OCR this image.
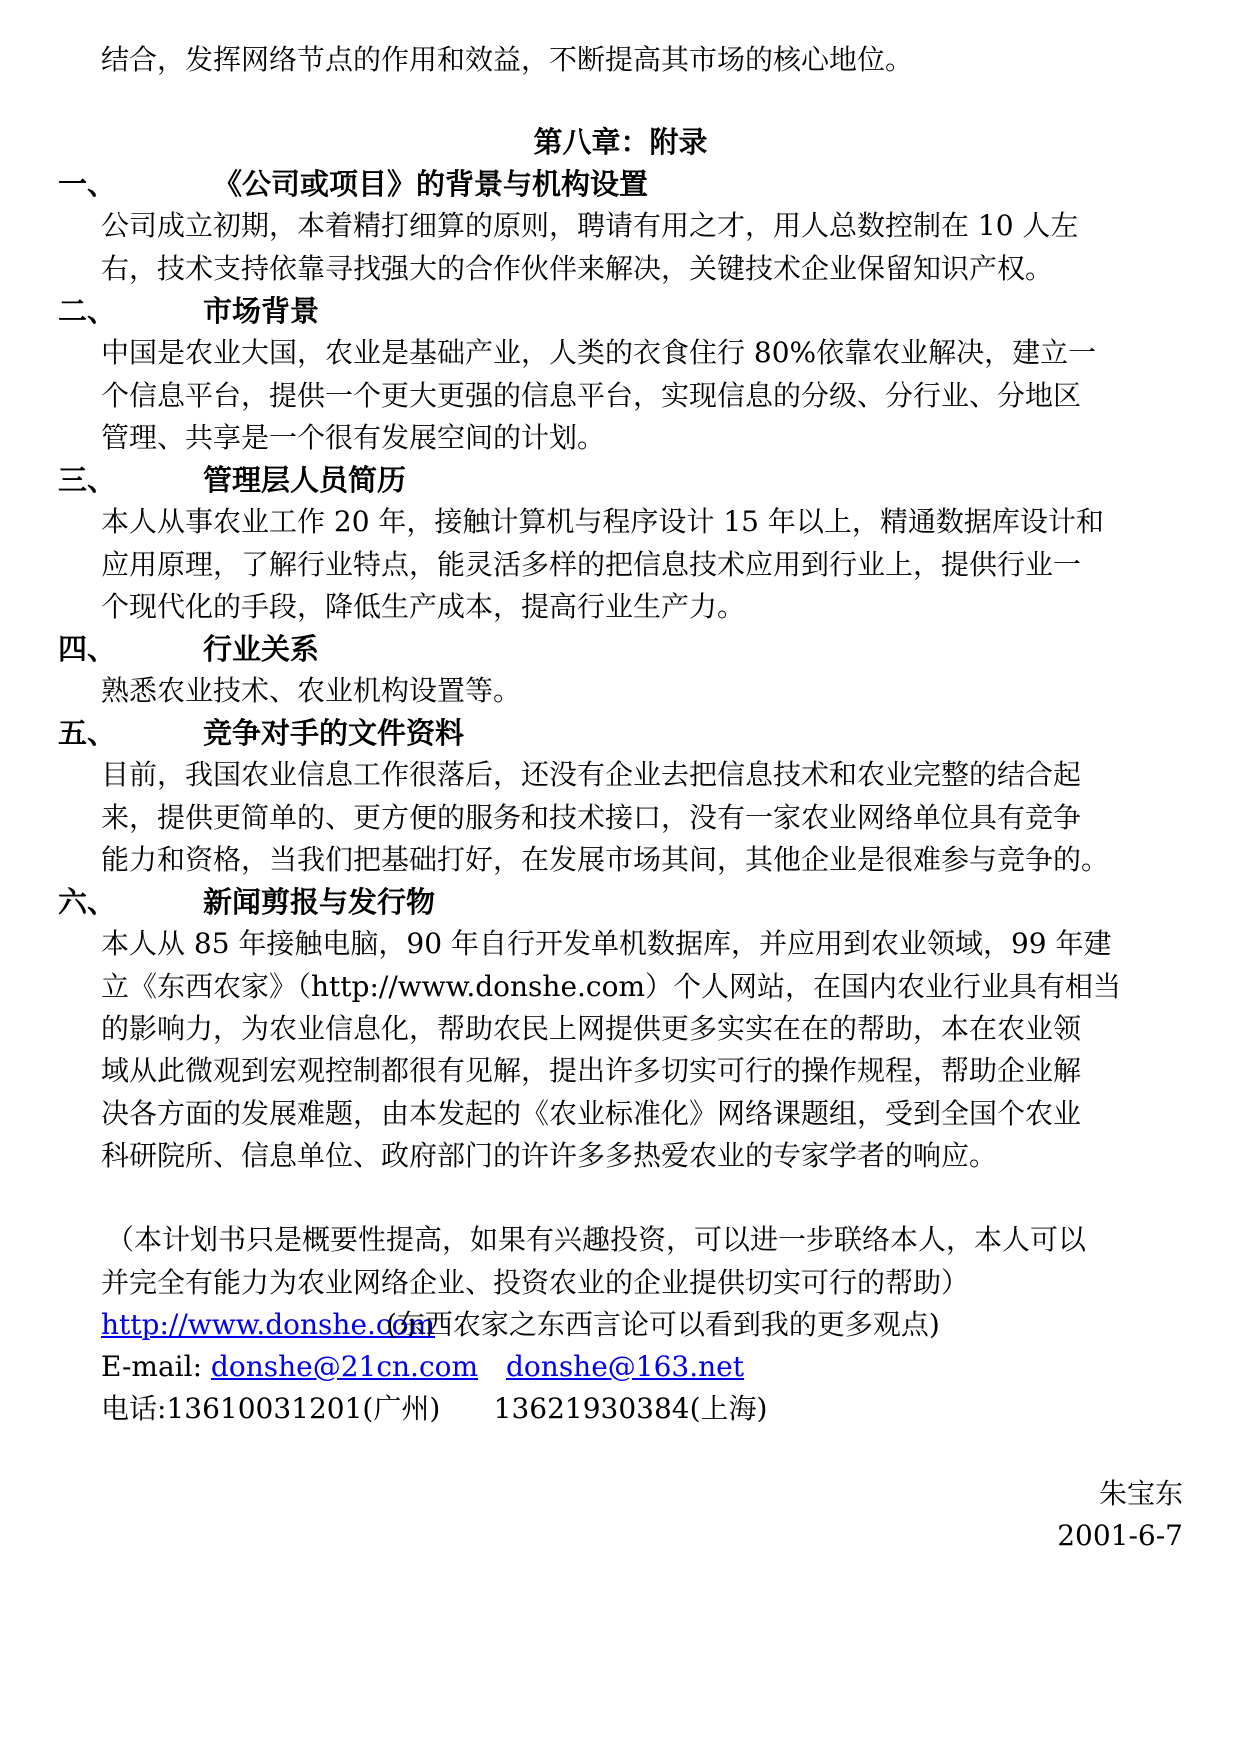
结合，发挥网络节点的作用和效益，不断提高其市场的核心地位。
第八章：附录
一、	《公司或项目》的背景与机构设置
公司成立初期，本着精打细算的原则，聘请有用之才，用人总数控制在 10 人左
右，技术支持依靠寻找强大的合作伙伴来解决，关键技术企业保留知识产权。
二、	市场背景
中国是农业大国，农业是基础产业，人类的衣食住行 80%依靠农业解决，建立一
个信息平台，提供一个更大更强的信息平台，实现信息的分级、分行业、分地区
管理、共享是一个很有发展空间的计划。
三、	管理层人员简历
本人从事农业工作 20 年，接触计算机与程序设计 15 年以上，精通数据库设计和
应用原理，了解行业特点，能灵活多样的把信息技术应用到行业上，提供行业一
个现代化的手段，降低生产成本，提高行业生产力。
四、	行业关系
熟悉农业技术、农业机构设置等。
五、	竞争对手的文件资料
目前，我国农业信息工作很落后，还没有企业去把信息技术和农业完整的结合起
来，提供更简单的、更方便的服务和技术接口，没有一家农业网络单位具有竞争
能力和资格，当我们把基础打好，在发展市场其间，其他企业是很难参与竞争的。
六、	新闻剪报与发行物
本人从 85 年接触电脑，90 年自行开发单机数据库，并应用到农业领域，99 年建
立《东西农家》（http://www.donshe.com）个人网站，在国内农业行业具有相当
的影响力，为农业信息化，帮助农民上网提供更多实实在在的帮助，本在农业领
域从此微观到宏观控制都很有见解，提出许多切实可行的操作规程，帮助企业解
决各方面的发展难题，由本发起的《农业标准化》网络课题组，受到全国个农业
科研院所、信息单位、政府部门的许许多多热爱农业的专家学者的响应。
（本计划书只是概要性提高，如果有兴趣投资，可以进一步联络本人，本人可以
并完全有能力为农业网络企业、投资农业的企业提供切实可行的帮助）
http://www.donshe.com
(东西农家之东西言论可以看到我的更多观点)
E-mail: donshe@21cn.com donshe@163.net
电话:13610031201(广州)      13621930384(上海)
朱宝东
2001-6-7
